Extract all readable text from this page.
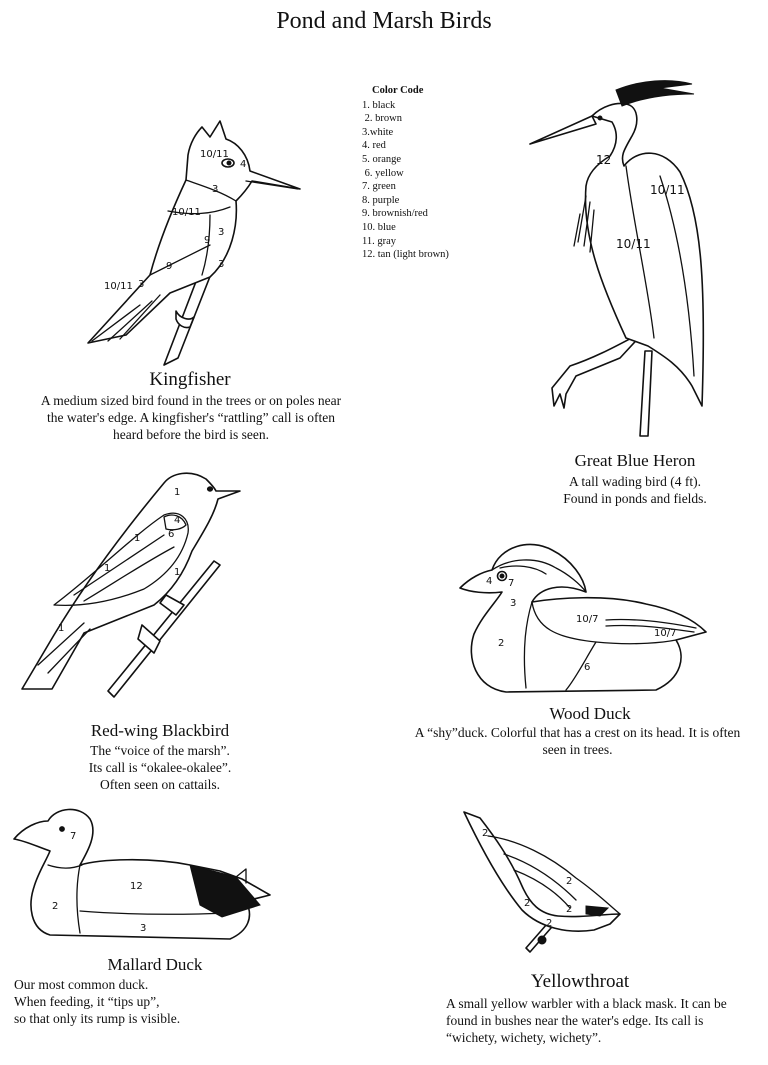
Pond and Marsh Birds
Color Code
1. black
2. brown
3.white
4. red
5. orange
6. yellow
7. green
8. purple
9. brownish/red
10. blue
11. gray
12. tan (light brown)
10/11
3
10/11
3
9
3
9
3
10/11
4
Kingfisher
A medium sized bird found in the trees or on poles near the water's edge. A kingfisher's “rattling” call is often heard before the bird is seen.
12
10/11
10/11
Great Blue Heron
A tall wading bird (4 ft).
Found in ponds and fields.
1
4
6
1
1	1
1
Red-wing Blackbird
The “voice of the marsh”.
Its call is “okalee-okalee”.
Often seen on cattails.
4 7
3
2
10/7
10/7
6
Wood Duck
A “shy”duck. Colorful that has a crest on its head. It is often seen in trees.
7
12
2
3
Mallard Duck
Our most common duck.
When feeding, it “tips up”,
so that only its rump is visible.
2
2
2
2
2
Yellowthroat
A small yellow warbler with a black mask. It can be found in bushes near the water's edge. Its call is “wichety, wichety, wichety”.
